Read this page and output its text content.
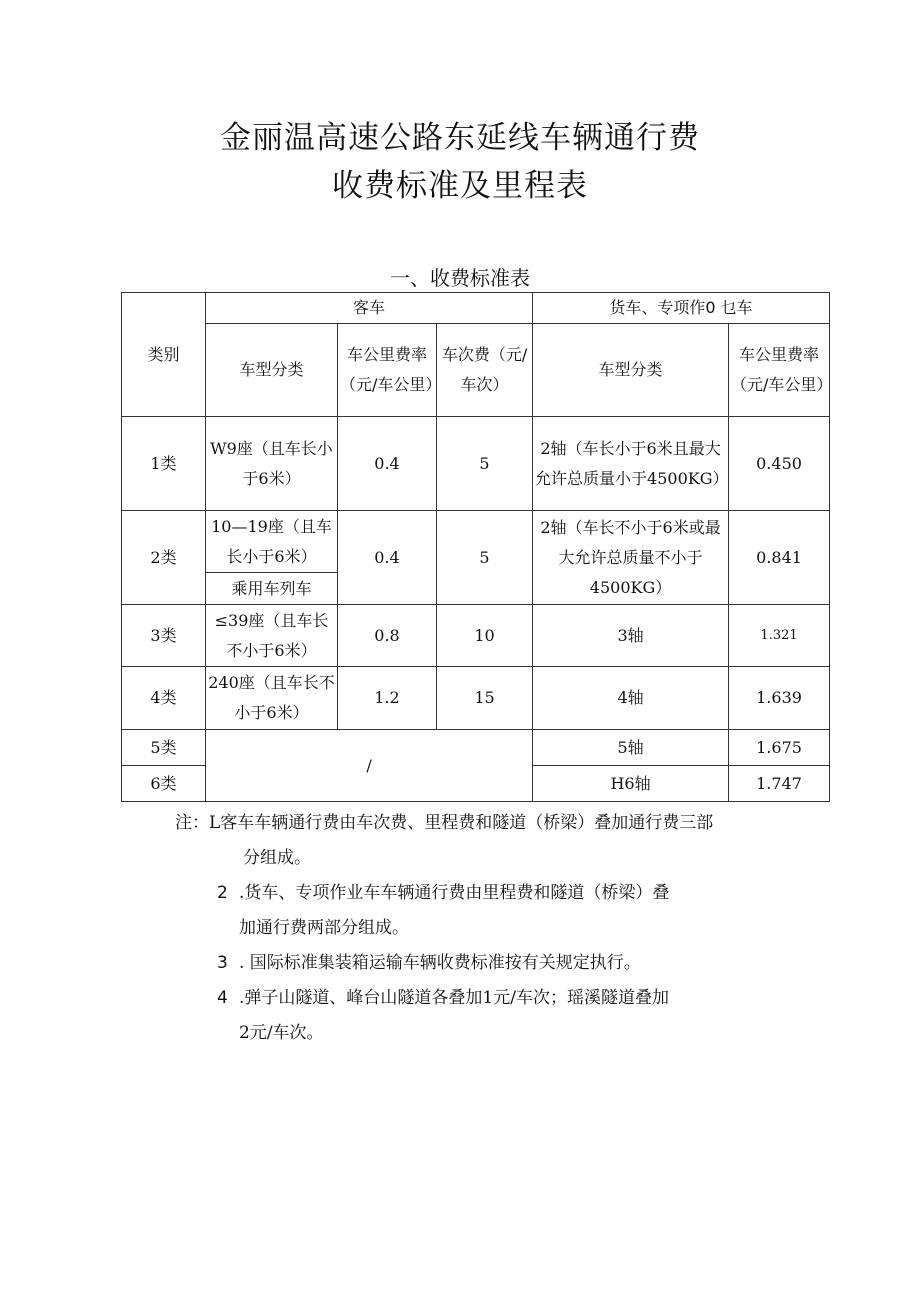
金丽温高速公路东延线车辆通行费
收费标准及里程表
一、收费标准表
类别	客车			货车、专项作0 乜车	
	车型分类	车公里费率（元/车公里）	车次费（元/车次）	车型分类	车公里费率（元/车公里）
1类	W9座（且车长小于6米）	0.4	5	2轴（车长小于6米且最大允许总质量小于4500KG）	0.450
2类	10—19座（且车长小于6米）	0.4	5	2轴（车长不小于6米或最大允许总质量不小于4500KG）	0.841
	乘用车列车				
3类	≤39座（且车长不小于6米）	0.8	10	3轴	1.321
4类	240座（且车长不小于6米）	1.2	15	4轴	1.639
5类	/			5轴	1.675
6类				H6轴	1.747
注：L客车车辆通行费由车次费、里程费和隧道（桥梁）叠加通行费三部
分组成。
2 .货车、专项作业车车辆通行费由里程费和隧道（桥梁）叠
加通行费两部分组成。
3 . 国际标准集装箱运输车辆收费标准按有关规定执行。
4 .弹子山隧道、峰台山隧道各叠加1元/车次；瑶溪隧道叠加
2元/车次。
